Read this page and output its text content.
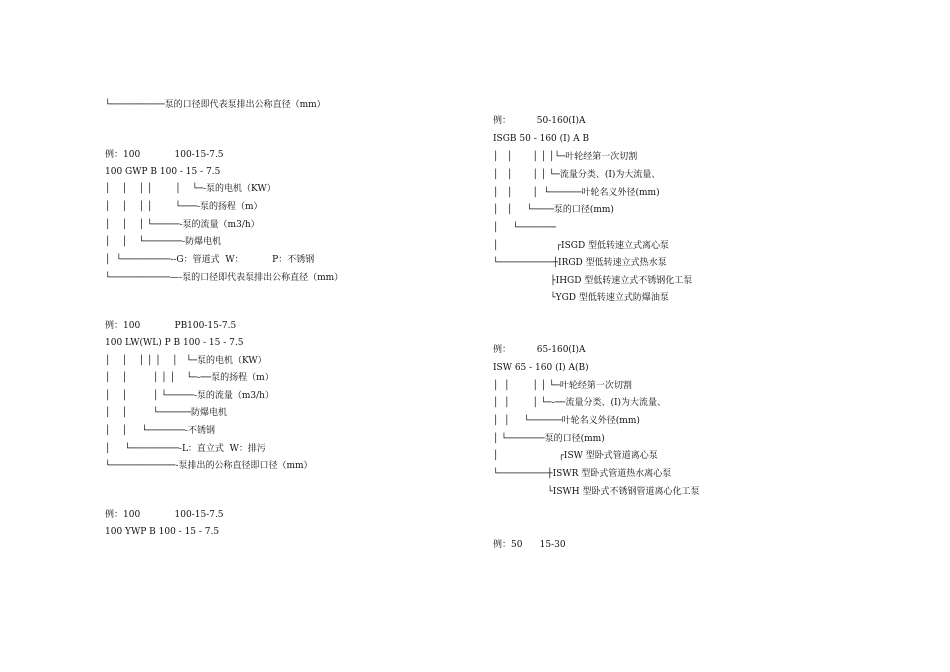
└──────────泵的口径即代表泵排出公称直径（mm）
例：100            100-15-7.5
100 GWP B 100 - 15 - 7.5
│    │    │ │        │    └─-泵的电机（KW）
│    │    │ │        └───-泵的扬程（m）
│    │    │ └─────-泵的流量（m3/h）
│    │    └───────-防爆电机
│  └─────────--G：管道式  W：          P：不锈钢
└───────────—-泵的口径即代表泵排出公称直径（mm）
例：100            PB100-15-7.5
100 LW(WL) P B 100 - 15 - 7.5
│    │    │ │ │    │   └─泵的电机（KW）
│    │         │ │ │    └─-──泵的扬程（m）
│    │         │ └─────-泵的流量（m3/h）
│    │         └──────防爆电机
│    │     └───────-不锈钢
│     └─────────-L：直立式  W：排污
└────────────-泵排出的公称直径即口径（mm）
例：100            100-15-7.5
100 YWP B 100 - 15 - 7.5
例：         50-160(I)A
ISGB 50 - 160 (I) A B
│   │       │ │ │└─叶轮经第一次切割
│   │       │ │ └─流量分类、(I)为大流量、
│   │       │  └──────叶轮名义外径(mm)
│   │     └────泵的口径(mm)
│     └───────
│                    ┌ISGD 型低转速立式离心泵
└──────────┼IRGD 型低转速立式热水泵
├IHGD 型低转速立式不锈钢化工泵
└YGD 型低转速立式防爆油泵
例：         65-160(I)A
ISW 65 - 160 (I) A(B)
│  │        │ │ └─叶轮经第一次切割
│  │        │ └─-──流量分类、(I)为大流量、
│  │     └──────叶轮名义外径(mm)
│ └───────泵的口径(mm)
│                     ┌ISW 型卧式管道离心泵
└─────────┼ISWR 型卧式管道热水离心泵
└ISWH 型卧式不锈钢管道离心化工泵
例：50      15-30
